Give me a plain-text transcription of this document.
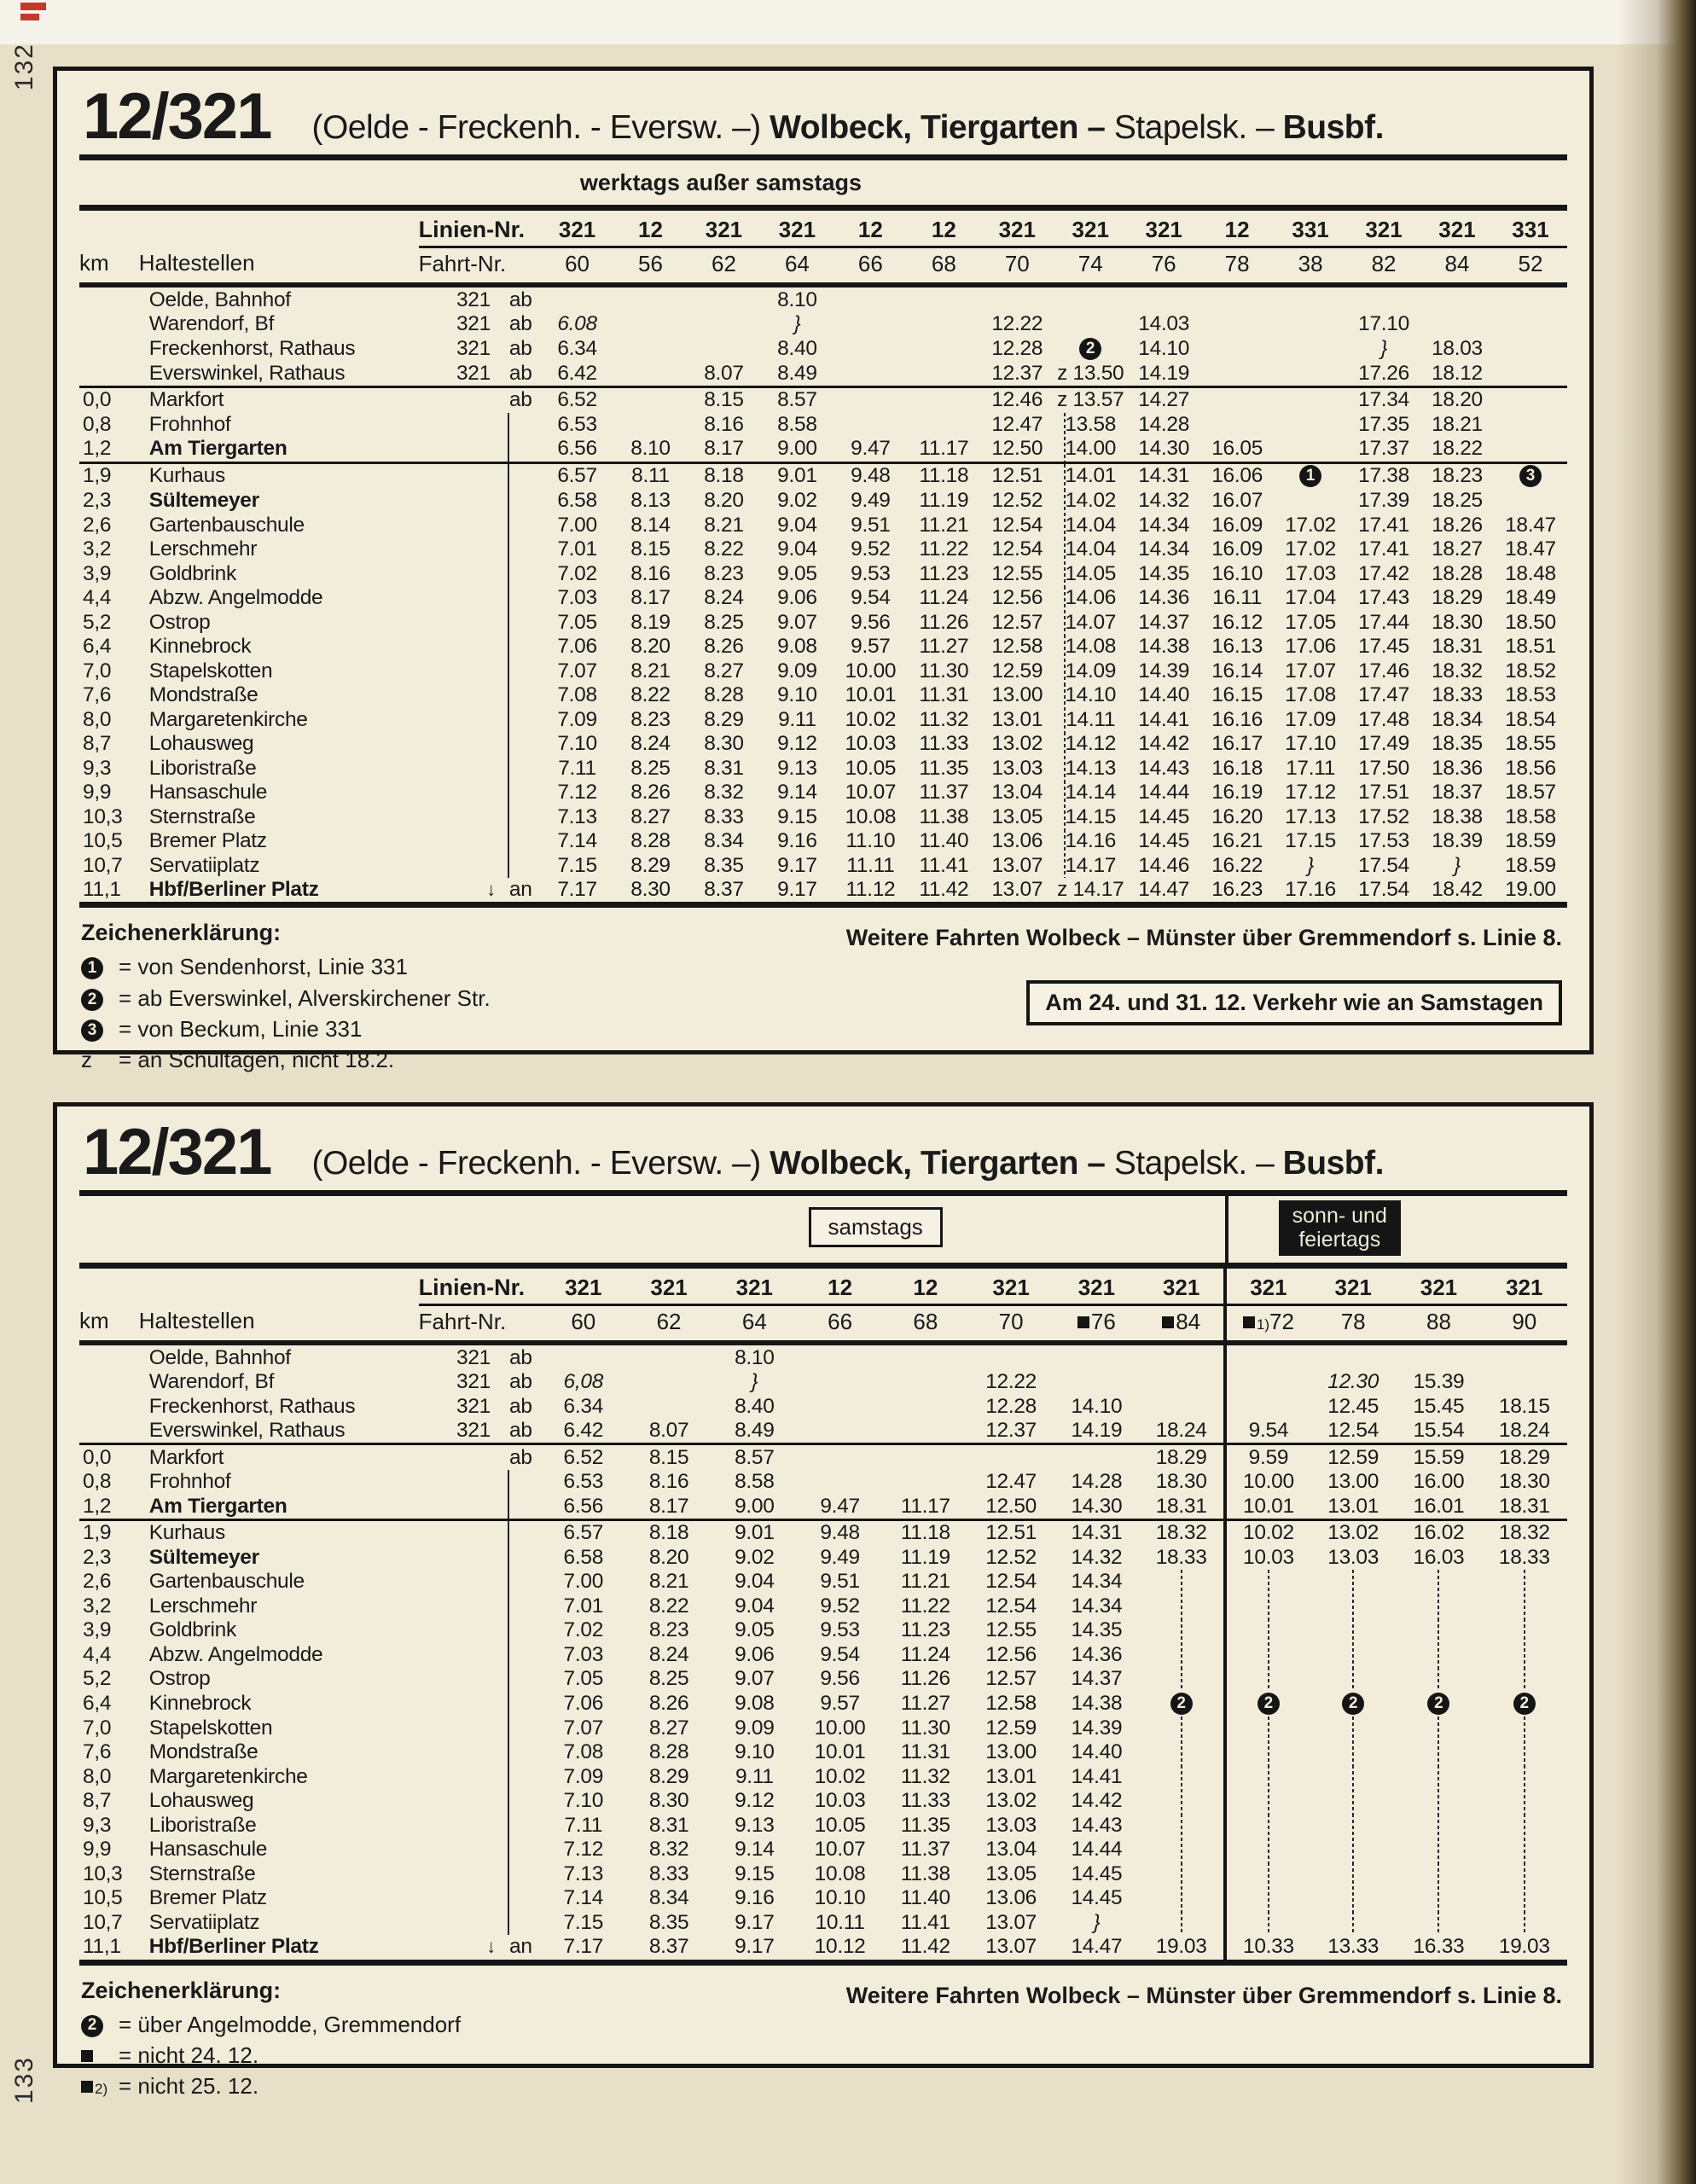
132
133
12/321 (Oelde - Freckenh. - Eversw. –) Wolbeck, Tiergarten – Stapelsk. – Busbf.
werktags außer samstags
		Linien-Nr.	321	12	321	321	12	12	321	321	321	12	331	321	321	331
km	Haltestellen	Fahrt-Nr.	60	56	62	64	66	68	70	74	76	78	38	82	84	52
	Oelde, Bahnhof	321 ab				8.10										
	Warendorf, Bf	321 ab	6.08			}			12.22		14.03			17.10		
	Freckenhorst, Rathaus	321 ab	6.34			8.40			12.28	2	14.10			}	18.03	
	Everswinkel, Rathaus	321 ab	6.42		8.07	8.49			12.37	z 13.50	14.19			17.26	18.12	
0,0	Markfort	ab	6.52		8.15	8.57			12.46	z 13.57	14.27			17.34	18.20	
0,8	Frohnhof		6.53		8.16	8.58			12.47	13.58	14.28			17.35	18.21	
1,2	Am Tiergarten		6.56	8.10	8.17	9.00	9.47	11.17	12.50	14.00	14.30	16.05		17.37	18.22	
1,9	Kurhaus		6.57	8.11	8.18	9.01	9.48	11.18	12.51	14.01	14.31	16.06	1	17.38	18.23	3
2,3	Sültemeyer		6.58	8.13	8.20	9.02	9.49	11.19	12.52	14.02	14.32	16.07		17.39	18.25	
2,6	Gartenbauschule		7.00	8.14	8.21	9.04	9.51	11.21	12.54	14.04	14.34	16.09	17.02	17.41	18.26	18.47
3,2	Lerschmehr		7.01	8.15	8.22	9.04	9.52	11.22	12.54	14.04	14.34	16.09	17.02	17.41	18.27	18.47
3,9	Goldbrink		7.02	8.16	8.23	9.05	9.53	11.23	12.55	14.05	14.35	16.10	17.03	17.42	18.28	18.48
4,4	Abzw. Angelmodde		7.03	8.17	8.24	9.06	9.54	11.24	12.56	14.06	14.36	16.11	17.04	17.43	18.29	18.49
5,2	Ostrop		7.05	8.19	8.25	9.07	9.56	11.26	12.57	14.07	14.37	16.12	17.05	17.44	18.30	18.50
6,4	Kinnebrock		7.06	8.20	8.26	9.08	9.57	11.27	12.58	14.08	14.38	16.13	17.06	17.45	18.31	18.51
7,0	Stapelskotten		7.07	8.21	8.27	9.09	10.00	11.30	12.59	14.09	14.39	16.14	17.07	17.46	18.32	18.52
7,6	Mondstraße		7.08	8.22	8.28	9.10	10.01	11.31	13.00	14.10	14.40	16.15	17.08	17.47	18.33	18.53
8,0	Margaretenkirche		7.09	8.23	8.29	9.11	10.02	11.32	13.01	14.11	14.41	16.16	17.09	17.48	18.34	18.54
8,7	Lohausweg		7.10	8.24	8.30	9.12	10.03	11.33	13.02	14.12	14.42	16.17	17.10	17.49	18.35	18.55
9,3	Liboristraße		7.11	8.25	8.31	9.13	10.05	11.35	13.03	14.13	14.43	16.18	17.11	17.50	18.36	18.56
9,9	Hansaschule		7.12	8.26	8.32	9.14	10.07	11.37	13.04	14.14	14.44	16.19	17.12	17.51	18.37	18.57
10,3	Sternstraße		7.13	8.27	8.33	9.15	10.08	11.38	13.05	14.15	14.45	16.20	17.13	17.52	18.38	18.58
10,5	Bremer Platz		7.14	8.28	8.34	9.16	11.10	11.40	13.06	14.16	14.45	16.21	17.15	17.53	18.39	18.59
10,7	Servatiiplatz		7.15	8.29	8.35	9.17	11.11	11.41	13.07	14.17	14.46	16.22	}	17.54	}	18.59
11,1	Hbf/Berliner Platz	↓ an	7.17	8.30	8.37	9.17	11.12	11.42	13.07	z 14.17	14.47	16.23	17.16	17.54	18.42	19.00
Zeichenerklärung:
1 = von Sendenhorst, Linie 331
2 = ab Everswinkel, Alverskirchener Str.
3 = von Beckum, Linie 331
z	= an Schultagen, nicht 18.2.
Weitere Fahrten Wolbeck – Münster über Gremmendorf s. Linie 8.
Am 24. und 31. 12. Verkehr wie an Samstagen
12/321 (Oelde - Freckenh. - Eversw. –) Wolbeck, Tiergarten – Stapelsk. – Busbf.
samstags	sonn- und
feiertags
		Linien-Nr.	321	321	321	12	12	321	321	321	321	321	321	321
km	Haltestellen	Fahrt-Nr.	60	62	64	66	68	70	76	84	1)72	78	88	90
	Oelde, Bahnhof	321 ab			8.10									
	Warendorf, Bf	321 ab	6,08		}			12.22				12.30	15.39	
	Freckenhorst, Rathaus	321 ab	6.34		8.40			12.28	14.10			12.45	15.45	18.15
	Everswinkel, Rathaus	321 ab	6.42	8.07	8.49			12.37	14.19	18.24	9.54	12.54	15.54	18.24
0,0	Markfort	ab	6.52	8.15	8.57					18.29	9.59	12.59	15.59	18.29
0,8	Frohnhof		6.53	8.16	8.58			12.47	14.28	18.30	10.00	13.00	16.00	18.30
1,2	Am Tiergarten		6.56	8.17	9.00	9.47	11.17	12.50	14.30	18.31	10.01	13.01	16.01	18.31
1,9	Kurhaus		6.57	8.18	9.01	9.48	11.18	12.51	14.31	18.32	10.02	13.02	16.02	18.32
2,3	Sültemeyer		6.58	8.20	9.02	9.49	11.19	12.52	14.32	18.33	10.03	13.03	16.03	18.33
2,6	Gartenbauschule		7.00	8.21	9.04	9.51	11.21	12.54	14.34					
3,2	Lerschmehr		7.01	8.22	9.04	9.52	11.22	12.54	14.34					
3,9	Goldbrink		7.02	8.23	9.05	9.53	11.23	12.55	14.35					
4,4	Abzw. Angelmodde		7.03	8.24	9.06	9.54	11.24	12.56	14.36					
5,2	Ostrop		7.05	8.25	9.07	9.56	11.26	12.57	14.37					
6,4	Kinnebrock		7.06	8.26	9.08	9.57	11.27	12.58	14.38	2	2	2	2	2
7,0	Stapelskotten		7.07	8.27	9.09	10.00	11.30	12.59	14.39					
7,6	Mondstraße		7.08	8.28	9.10	10.01	11.31	13.00	14.40					
8,0	Margaretenkirche		7.09	8.29	9.11	10.02	11.32	13.01	14.41					
8,7	Lohausweg		7.10	8.30	9.12	10.03	11.33	13.02	14.42					
9,3	Liboristraße		7.11	8.31	9.13	10.05	11.35	13.03	14.43					
9,9	Hansaschule		7.12	8.32	9.14	10.07	11.37	13.04	14.44					
10,3	Sternstraße		7.13	8.33	9.15	10.08	11.38	13.05	14.45					
10,5	Bremer Platz		7.14	8.34	9.16	10.10	11.40	13.06	14.45					
10,7	Servatiiplatz		7.15	8.35	9.17	10.11	11.41	13.07	}					
11,1	Hbf/Berliner Platz	↓ an	7.17	8.37	9.17	10.12	11.42	13.07	14.47	19.03	10.33	13.33	16.33	19.03
Zeichenerklärung:
2 = über Angelmodde, Gremmendorf
= nicht 24. 12.
2) = nicht 25. 12.
Weitere Fahrten Wolbeck – Münster über Gremmendorf s. Linie 8.
